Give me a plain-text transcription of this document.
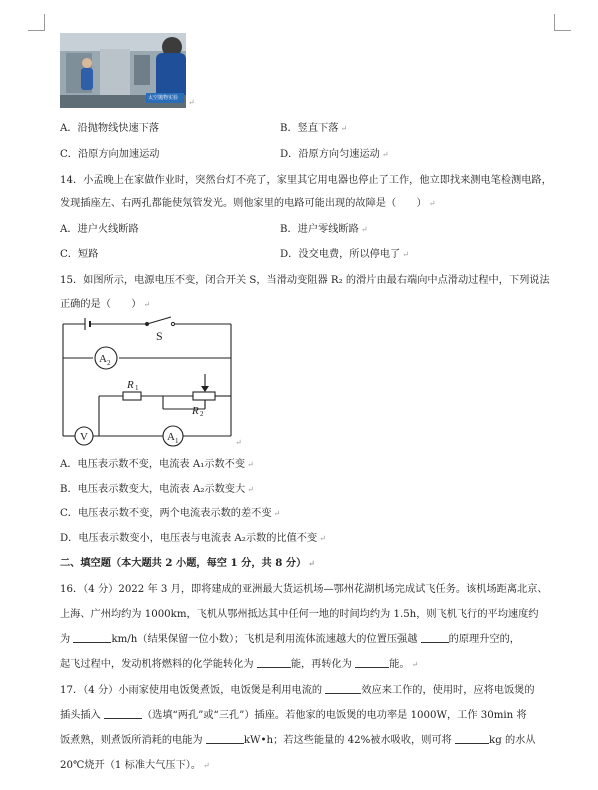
太空抛物实验 ↵
A．沿抛物线快速下落	B．竖直下落 ↵
C．沿原方向加速运动	D．沿原方向匀速运动 ↵
14．小孟晚上在家做作业时，突然台灯不亮了，家里其它用电器也停止了工作，他立即找来测电笔检测电路，
发现插座左、右两孔都能使氖管发光。则他家里的电路可能出现的故障是（　　） ↵
A．进户火线断路	B．进户零线断路 ↵
C．短路	D．没交电费，所以停电了 ↵
15．如图所示，电源电压不变，闭合开关 S，当滑动变阻器 R₂ 的滑片由最右端向中点滑动过程中，下列说法
正确的是（　　） ↵
S
A 2
R 1
R 2
V	A 1	↵
A．电压表示数不变，电流表 A₁示数不变 ↵
B．电压表示数变大，电流表 A₂示数变大 ↵
C．电压表示数不变，两个电流表示数的差不变 ↵
D．电压表示数变小，电压表与电流表 A₂示数的比值不变 ↵
二、填空题（本大题共 2 小题，每空 1 分，共 8 分） ↵
16．（4 分）2022 年 3 月，即将建成的亚洲最大货运机场—鄂州花湖机场完成试飞任务。该机场距离北京、
上海、广州均约为 1000km，飞机从鄂州抵达其中任何一地的时间均约为 1.5h，则飞机飞行的平均速度约
为	km/h（结果保留一位小数）；飞机是利用流体流速越大的位置压强越	的原理升空的，
起飞过程中，发动机将燃料的化学能转化为	能，再转化为	能。 ↵
17．（4 分）小雨家使用电饭煲煮饭，电饭煲是利用电流的	效应来工作的，使用时，应将电饭煲的
插头插入	（选填“两孔”或“三孔”）插座。若他家的电饭煲的电功率是 1000W，工作 30min 将
饭煮熟，则煮饭所消耗的电能为	kW•h；若这些能量的 42%被水吸收，则可将	kg 的水从
20℃烧开（1 标准大气压下）。 ↵
